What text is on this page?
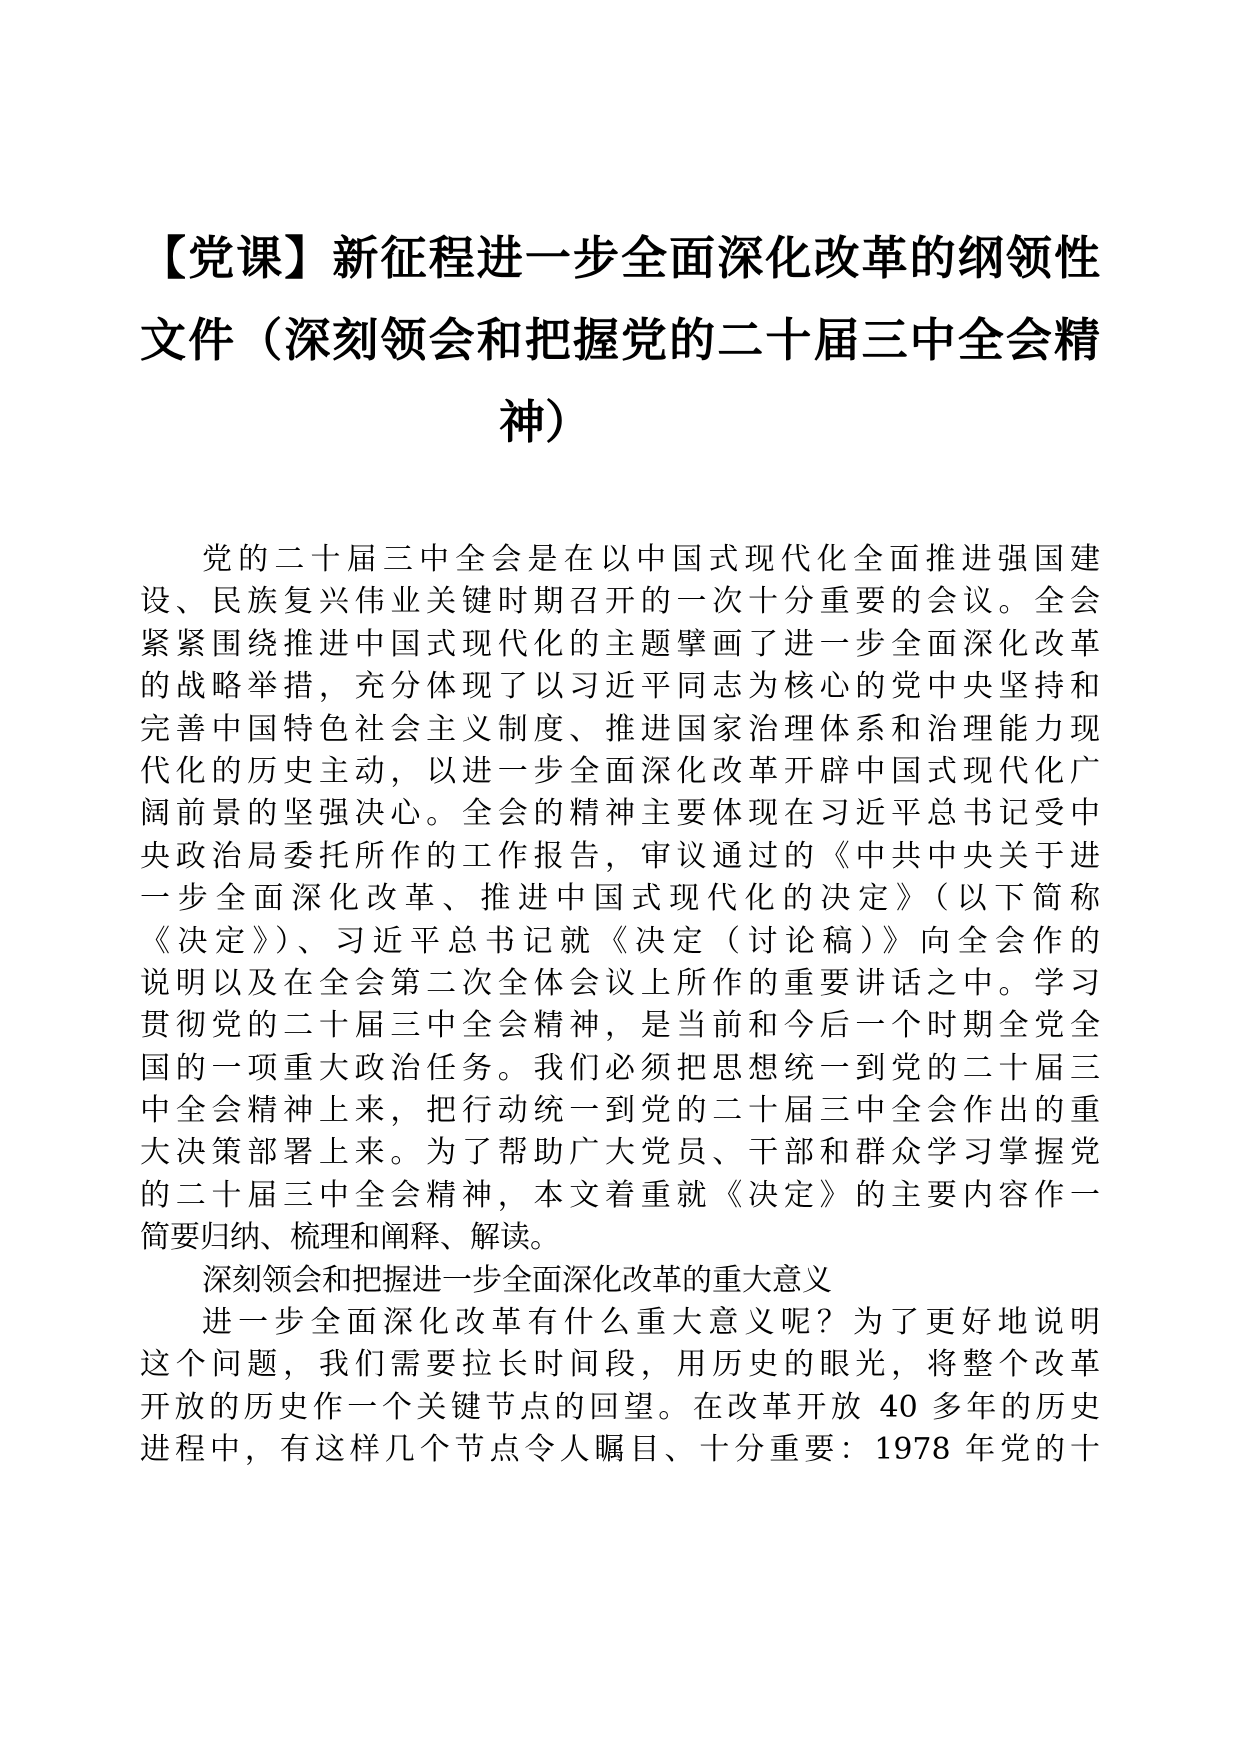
【党课】新征程进一步全面深化改革的纲领性
文件（深刻领会和把握党的二十届三中全会精
神）
党的二十届三中全会是在以中国式现代化全面推进强国建
设、民族复兴伟业关键时期召开的一次十分重要的会议。全会
紧紧围绕推进中国式现代化的主题擘画了进一步全面深化改革
的战略举措，充分体现了以习近平同志为核心的党中央坚持和
完善中国特色社会主义制度、推进国家治理体系和治理能力现
代化的历史主动，以进一步全面深化改革开辟中国式现代化广
阔前景的坚强决心。全会的精神主要体现在习近平总书记受中
央政治局委托所作的工作报告，审议通过的《中共中央关于进
一步全面深化改革、推进中国式现代化的决定》（以下简称
《决定》）、习近平总书记就《决定（讨论稿）》向全会作的
说明以及在全会第二次全体会议上所作的重要讲话之中。学习
贯彻党的二十届三中全会精神，是当前和今后一个时期全党全
国的一项重大政治任务。我们必须把思想统一到党的二十届三
中全会精神上来，把行动统一到党的二十届三中全会作出的重
大决策部署上来。为了帮助广大党员、干部和群众学习掌握党
的二十届三中全会精神，本文着重就《决定》的主要内容作一
简要归纳、梳理和阐释、解读。
深刻领会和把握进一步全面深化改革的重大意义
进一步全面深化改革有什么重大意义呢？为了更好地说明
这个问题，我们需要拉长时间段，用历史的眼光，将整个改革
开放的历史作一个关键节点的回望。在改革开放 40 多年的历史
进程中，有这样几个节点令人瞩目、十分重要：1978 年党的十
